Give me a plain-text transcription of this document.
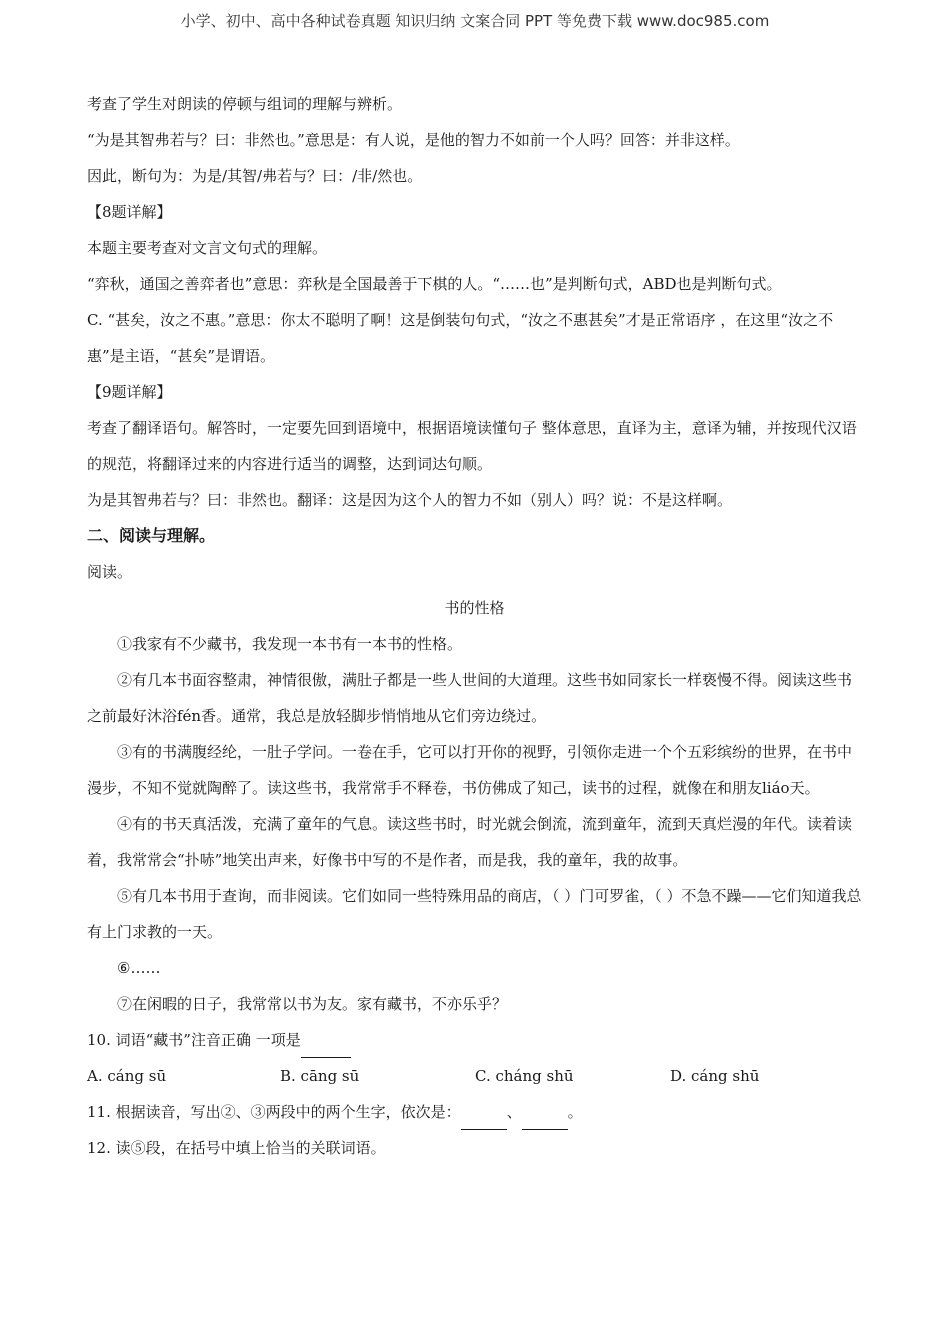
小学、初中、高中各种试卷真题 知识归纳 文案合同 PPT 等免费下载 www.doc985.com

考查了学生对朗读的停顿与组词的理解与辨析。

“为是其智弗若与？曰：非然也。”意思是：有人说，是他的智力不如前一个人吗？回答：并非这样。

因此，断句为：为是/其智/弗若与？曰：/非/然也。

【8题详解】

本题主要考查对文言文句式的理解。

“弈秋，通国之善弈者也”意思：弈秋是全国最善于下棋的人。“……也”是判断句式，ABD也是判断句式。

C. “甚矣，汝之不惠。”意思：你太不聪明了啊！这是倒装句句式，“汝之不惠甚矣”才是正常语序 ，在这里“汝之不惠”是主语，“甚矣”是谓语。

【9题详解】

考查了翻译语句。解答时，一定要先回到语境中，根据语境读懂句子 整体意思，直译为主，意译为辅，并按现代汉语的规范，将翻译过来的内容进行适当的调整，达到词达句顺。

为是其智弗若与？曰：非然也。翻译：这是因为这个人的智力不如（别人）吗？说：不是这样啊。

二、阅读与理解。

阅读。

书的性格

①我家有不少藏书，我发现一本书有一本书的性格。

②有几本书面容整肃，神情很傲，满肚子都是一些人世间的大道理。这些书如同家长一样亵慢不得。阅读这些书之前最好沐浴fén香。通常，我总是放轻脚步悄悄地从它们旁边绕过。

③有的书满腹经纶，一肚子学问。一卷在手，它可以打开你的视野，引领你走进一个个五彩缤纷的世界，在书中漫步，不知不觉就陶醉了。读这些书，我常常手不释卷，书仿佛成了知己，读书的过程，就像在和朋友liáo天。

④有的书天真活泼，充满了童年的气息。读这些书时，时光就会倒流，流到童年，流到天真烂漫的年代。读着读着，我常常会“扑哧”地笑出声来，好像书中写的不是作者，而是我，我的童年，我的故事。

⑤有几本书用于查询，而非阅读。它们如同一些特殊用品的商店，（ ）门可罗雀，（ ）不急不躁——它们知道我总有上门求教的一天。

⑥……

⑦在闲暇的日子，我常常以书为友。家有藏书，不亦乐乎？

10. 词语“藏书”注音正确 一项是

A. cáng sū	B. cāng sū	C. cháng shū	D. cáng shū

11. 根据读音，写出②、③两段中的两个生字，依次是：	、	。

12. 读⑤段，在括号中填上恰当的关联词语。
